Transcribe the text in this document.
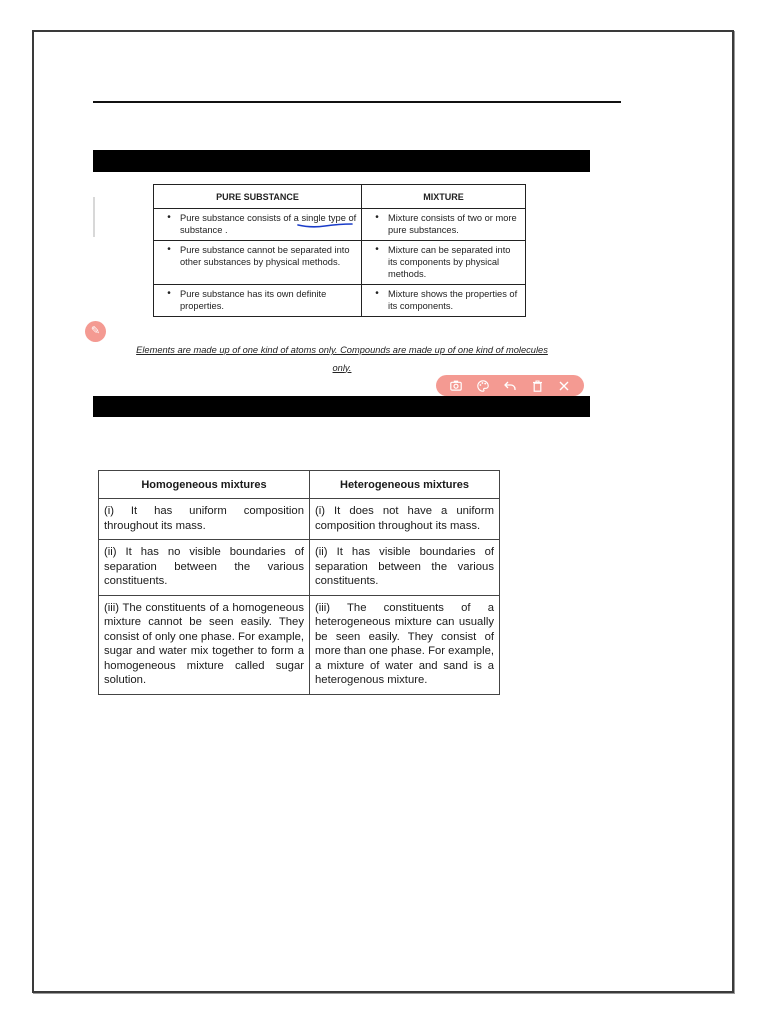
PURE SUBSTANCE	MIXTURE

• Pure substance consists of a single type of substance .	• Mixture consists of two or more pure substances.

• Pure substance cannot be separated into other substances by physical methods.	• Mixture can be separated into its components by physical methods.

• Pure substance has its own definite properties.	• Mixture shows the properties of its components.
✎
Elements are made up of one kind of atoms only. Compounds are made up of one kind of molecules only.
Homogeneous mixtures	Heterogeneous mixtures
(i) It has uniform composition throughout its mass.	(i) It does not have a uniform composition throughout its mass.
(ii) It has no visible boundaries of separation between the various constituents.	(ii) It has visible boundaries of separation between the various constituents.
(iii) The constituents of a homogeneous mixture cannot be seen easily. They consist of only one phase. For example, sugar and water mix together to form a homogeneous mixture called sugar solution.	(iii) The constituents of a heterogeneous mixture can usually be seen easily. They consist of more than one phase. For example, a mixture of water and sand is a heterogenous mixture.
